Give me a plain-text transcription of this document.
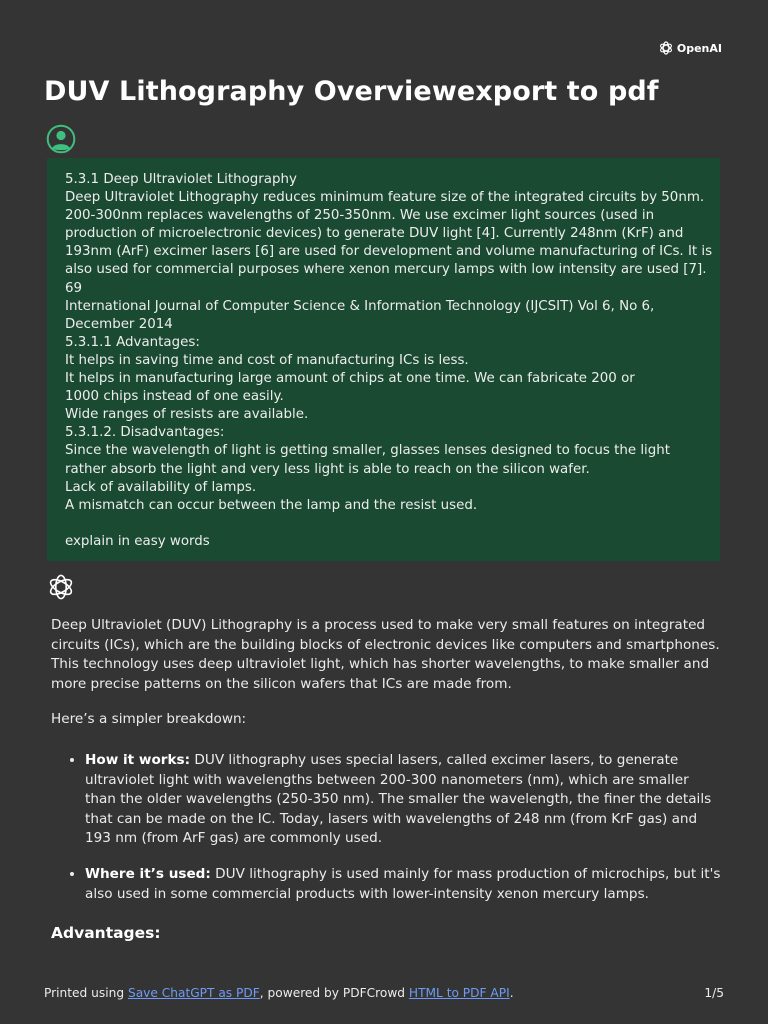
OpenAI
DUV Lithography Overviewexport to pdf
5.3.1 Deep Ultraviolet Lithography
Deep Ultraviolet Lithography reduces minimum feature size of the integrated circuits by 50nm.
200-300nm replaces wavelengths of 250-350nm. We use excimer light sources (used in
production of microelectronic devices) to generate DUV light [4]. Currently 248nm (KrF) and
193nm (ArF) excimer lasers [6] are used for development and volume manufacturing of ICs. It is
also used for commercial purposes where xenon mercury lamps with low intensity are used [7].
69
International Journal of Computer Science & Information Technology (IJCSIT) Vol 6, No 6,
December 2014
5.3.1.1 Advantages:
It helps in saving time and cost of manufacturing ICs is less.
It helps in manufacturing large amount of chips at one time. We can fabricate 200 or
1000 chips instead of one easily.
Wide ranges of resists are available.
5.3.1.2. Disadvantages:
Since the wavelength of light is getting smaller, glasses lenses designed to focus the light
rather absorb the light and very less light is able to reach on the silicon wafer.
Lack of availability of lamps.
A mismatch can occur between the lamp and the resist used.
explain in easy words

Deep Ultraviolet (DUV) Lithography is a process used to make very small features on integrated circuits (ICs), which are the building blocks of electronic devices like computers and smartphones. This technology uses deep ultraviolet light, which has shorter wavelengths, to make smaller and more precise patterns on the silicon wafers that ICs are made from.

Here’s a simpler breakdown:

• How it works: DUV lithography uses special lasers, called excimer lasers, to generate ultraviolet light with wavelengths between 200-300 nanometers (nm), which are smaller than the older wavelengths (250-350 nm). The smaller the wavelength, the finer the details that can be made on the IC. Today, lasers with wavelengths of 248 nm (from KrF gas) and 193 nm (from ArF gas) are commonly used.
• Where it’s used: DUV lithography is used mainly for mass production of microchips, but it's also used in some commercial products with lower-intensity xenon mercury lamps.
Advantages:
Printed using Save ChatGPT as PDF, powered by PDFCrowd HTML to PDF API.	1/5
